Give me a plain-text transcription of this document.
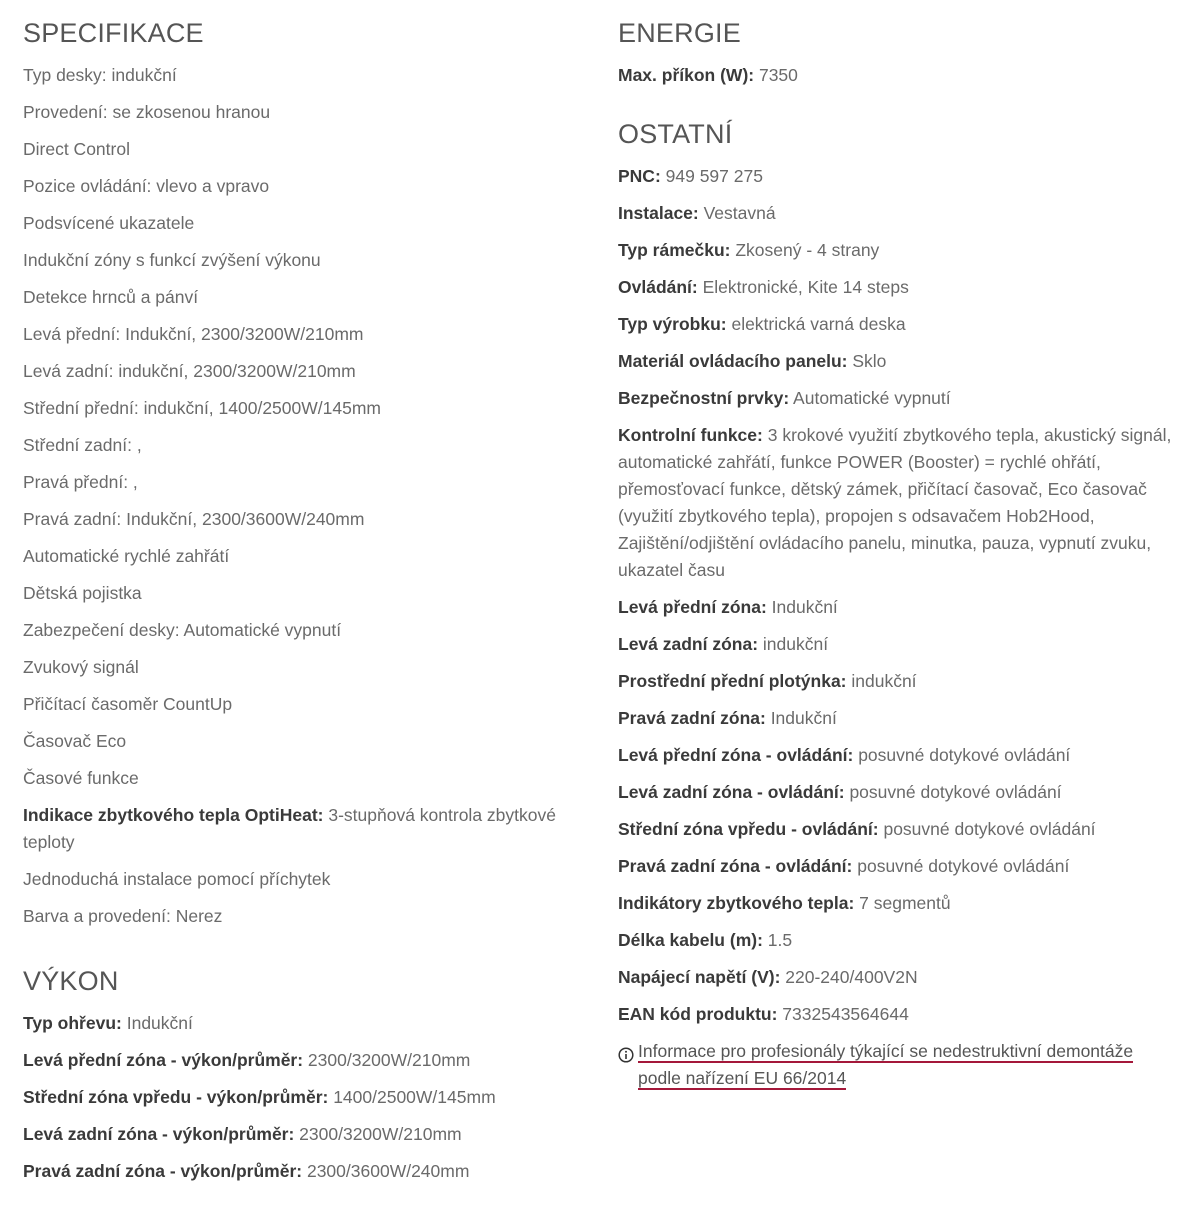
SPECIFIKACE
Typ desky: indukční
Provedení: se zkosenou hranou
Direct Control
Pozice ovládání: vlevo a vpravo
Podsvícené ukazatele
Indukční zóny s funkcí zvýšení výkonu
Detekce hrnců a pánví
Levá přední: Indukční, 2300/3200W/210mm
Levá zadní: indukční, 2300/3200W/210mm
Střední přední: indukční, 1400/2500W/145mm
Střední zadní: ,
Pravá přední: ,
Pravá zadní: Indukční, 2300/3600W/240mm
Automatické rychlé zahřátí
Dětská pojistka
Zabezpečení desky: Automatické vypnutí
Zvukový signál
Přičítací časoměr CountUp
Časovač Eco
Časové funkce
Indikace zbytkového tepla OptiHeat: 3-stupňová kontrola zbytkové teploty
Jednoduchá instalace pomocí příchytek
Barva a provedení: Nerez
VÝKON
Typ ohřevu: Indukční
Levá přední zóna - výkon/průměr: 2300/3200W/210mm
Střední zóna vpředu - výkon/průměr: 1400/2500W/145mm
Levá zadní zóna - výkon/průměr: 2300/3200W/210mm
Pravá zadní zóna - výkon/průměr: 2300/3600W/240mm
ENERGIE
Max. příkon (W): 7350
OSTATNÍ
PNC: 949 597 275
Instalace: Vestavná
Typ rámečku: Zkosený - 4 strany
Ovládání: Elektronické, Kite 14 steps
Typ výrobku: elektrická varná deska
Materiál ovládacího panelu: Sklo
Bezpečnostní prvky: Automatické vypnutí
Kontrolní funkce: 3 krokové využití zbytkového tepla, akustický signál, automatické zahřátí, funkce POWER (Booster) = rychlé ohřátí, přemosťovací funkce, dětský zámek, přičítací časovač, Eco časovač (využití zbytkového tepla), propojen s odsavačem Hob2Hood, Zajištění/odjištění ovládacího panelu, minutka, pauza, vypnutí zvuku, ukazatel času
Levá přední zóna: Indukční
Levá zadní zóna: indukční
Prostřední přední plotýnka: indukční
Pravá zadní zóna: Indukční
Levá přední zóna - ovládání: posuvné dotykové ovládání
Levá zadní zóna - ovládání: posuvné dotykové ovládání
Střední zóna vpředu - ovládání: posuvné dotykové ovládání
Pravá zadní zóna - ovládání: posuvné dotykové ovládání
Indikátory zbytkového tepla: 7 segmentů
Délka kabelu (m): 1.5
Napájecí napětí (V): 220-240/400V2N
EAN kód produktu: 7332543564644
Informace pro profesionály týkající se nedestruktivní demontáže podle nařízení EU 66/2014
